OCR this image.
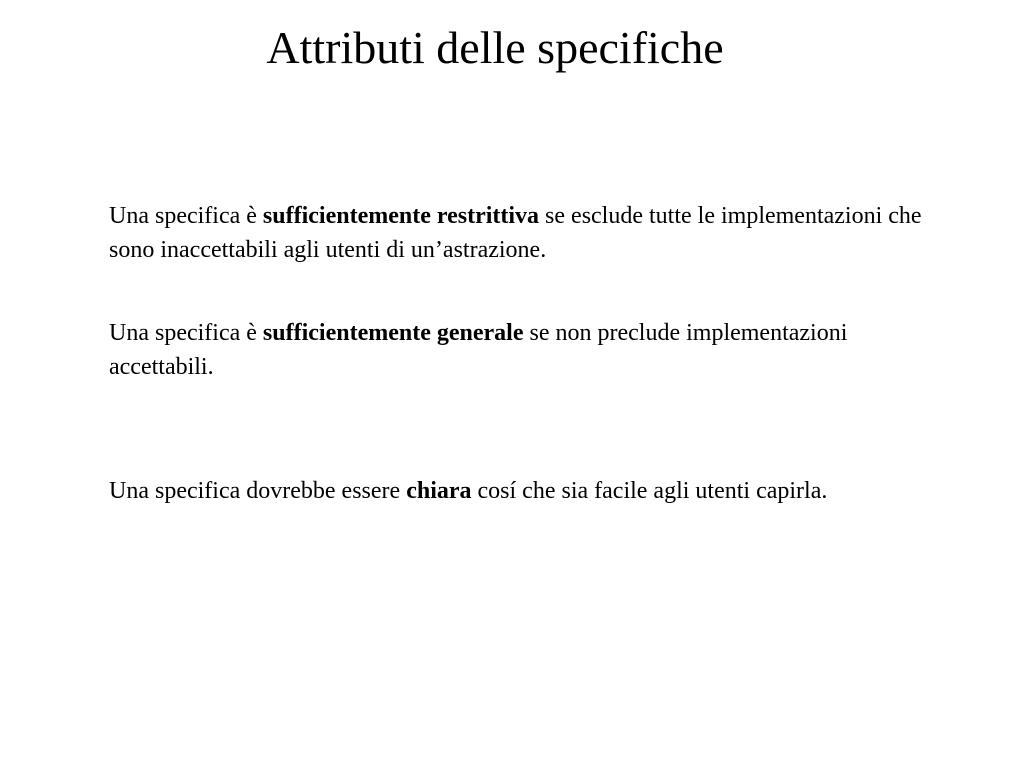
Attributi delle specifiche

Una specifica è sufficientemente restrittiva se esclude tutte le implementazioni che sono inaccettabili agli utenti di un’astrazione.

Una specifica è sufficientemente generale se non preclude implementazioni accettabili.

Una specifica dovrebbe essere chiara cosí che sia facile agli utenti capirla.
